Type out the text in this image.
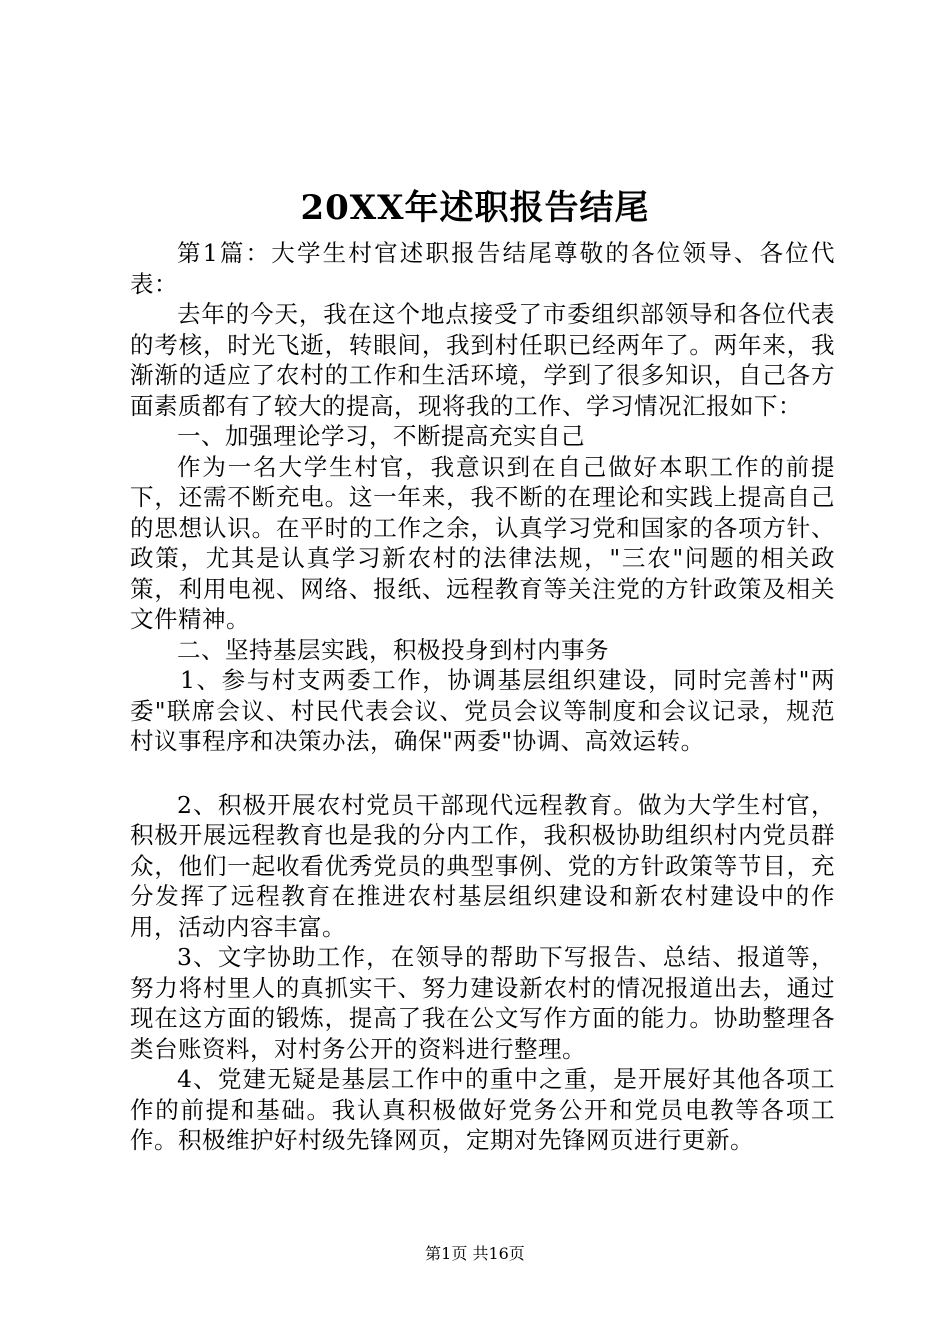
20XX年述职报告结尾

第1篇：大学生村官述职报告结尾尊敬的各位领导、各位代表：

去年的今天，我在这个地点接受了市委组织部领导和各位代表的考核，时光飞逝，转眼间，我到村任职已经两年了。两年来，我渐渐的适应了农村的工作和生活环境，学到了很多知识，自己各方面素质都有了较大的提高，现将我的工作、学习情况汇报如下：

一、加强理论学习，不断提高充实自己

作为一名大学生村官，我意识到在自己做好本职工作的前提下，还需不断充电。这一年来，我不断的在理论和实践上提高自己的思想认识。在平时的工作之余，认真学习党和国家的各项方针、政策，尤其是认真学习新农村的法律法规，"三农"问题的相关政策，利用电视、网络、报纸、远程教育等关注党的方针政策及相关文件精神。

二、坚持基层实践，积极投身到村内事务

1、参与村支两委工作，协调基层组织建设，同时完善村"两委"联席会议、村民代表会议、党员会议等制度和会议记录，规范村议事程序和决策办法，确保"两委"协调、高效运转。

2、积极开展农村党员干部现代远程教育。做为大学生村官，积极开展远程教育也是我的分内工作，我积极协助组织村内党员群众，他们一起收看优秀党员的典型事例、党的方针政策等节目，充分发挥了远程教育在推进农村基层组织建设和新农村建设中的作用，活动内容丰富。

3、文字协助工作，在领导的帮助下写报告、总结、报道等，努力将村里人的真抓实干、努力建设新农村的情况报道出去，通过现在这方面的锻炼，提高了我在公文写作方面的能力。协助整理各类台账资料，对村务公开的资料进行整理。

4、党建无疑是基层工作中的重中之重，是开展好其他各项工作的前提和基础。我认真积极做好党务公开和党员电教等各项工作。积极维护好村级先锋网页，定期对先锋网页进行更新。

第1页 共16页
